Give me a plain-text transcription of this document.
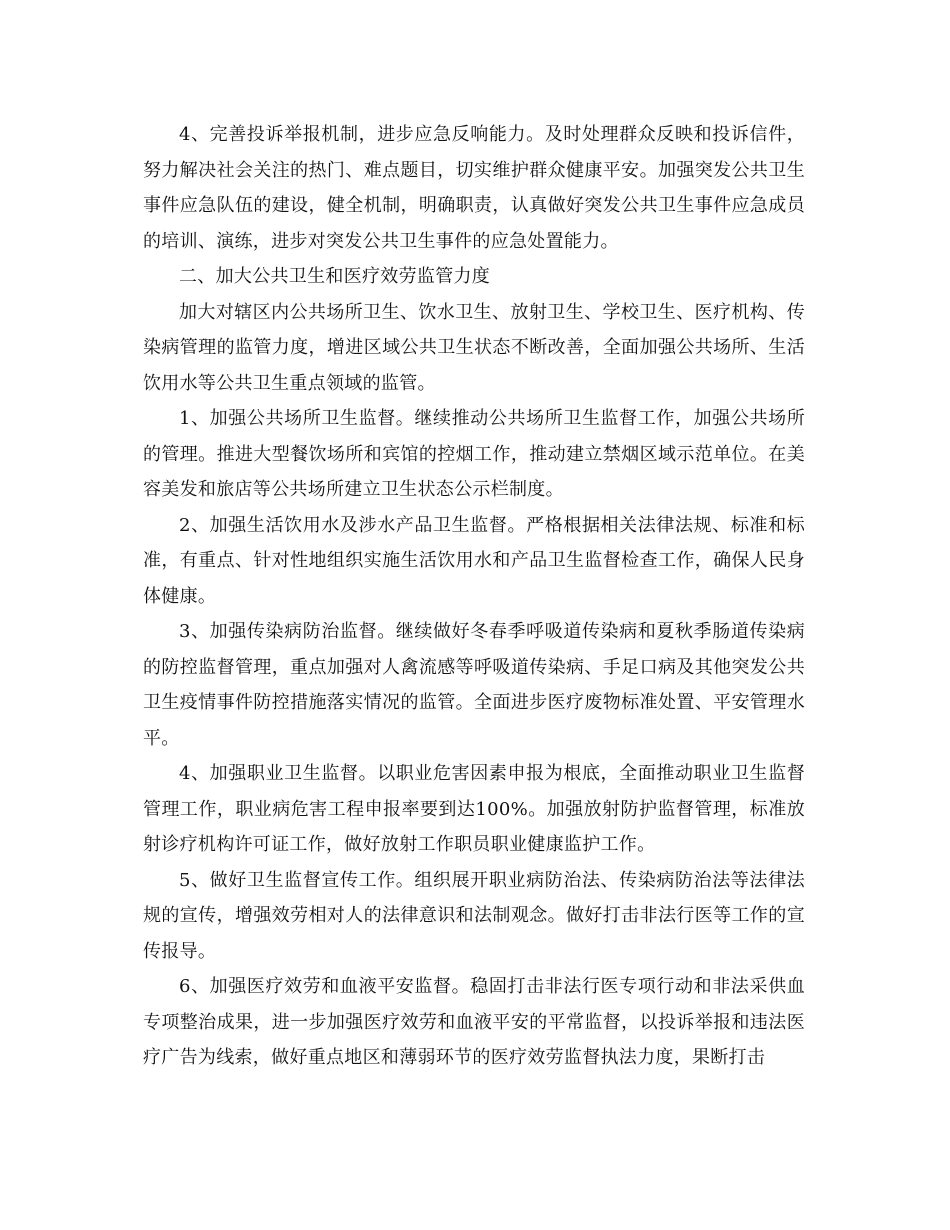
4、完善投诉举报机制，进步应急反响能力。及时处理群众反映和投诉信件，努力解决社会关注的热门、难点题目，切实维护群众健康平安。加强突发公共卫生事件应急队伍的建设，健全机制，明确职责，认真做好突发公共卫生事件应急成员的培训、演练，进步对突发公共卫生事件的应急处置能力。

二、加大公共卫生和医疗效劳监管力度

加大对辖区内公共场所卫生、饮水卫生、放射卫生、学校卫生、医疗机构、传染病管理的监管力度，增进区域公共卫生状态不断改善，全面加强公共场所、生活饮用水等公共卫生重点领域的监管。

1、加强公共场所卫生监督。继续推动公共场所卫生监督工作，加强公共场所的管理。推进大型餐饮场所和宾馆的控烟工作，推动建立禁烟区域示范单位。在美容美发和旅店等公共场所建立卫生状态公示栏制度。

2、加强生活饮用水及涉水产品卫生监督。严格根据相关法律法规、标准和标准，有重点、针对性地组织实施生活饮用水和产品卫生监督检查工作，确保人民身体健康。

3、加强传染病防治监督。继续做好冬春季呼吸道传染病和夏秋季肠道传染病的防控监督管理，重点加强对人禽流感等呼吸道传染病、手足口病及其他突发公共卫生疫情事件防控措施落实情况的监管。全面进步医疗废物标准处置、平安管理水平。

4、加强职业卫生监督。以职业危害因素申报为根底，全面推动职业卫生监督管理工作，职业病危害工程申报率要到达100%。加强放射防护监督管理，标准放射诊疗机构许可证工作，做好放射工作职员职业健康监护工作。

5、做好卫生监督宣传工作。组织展开职业病防治法、传染病防治法等法律法规的宣传，增强效劳相对人的法律意识和法制观念。做好打击非法行医等工作的宣传报导。

6、加强医疗效劳和血液平安监督。稳固打击非法行医专项行动和非法采供血专项整治成果，进一步加强医疗效劳和血液平安的平常监督，以投诉举报和违法医疗广告为线索，做好重点地区和薄弱环节的医疗效劳监督执法力度，果断打击
